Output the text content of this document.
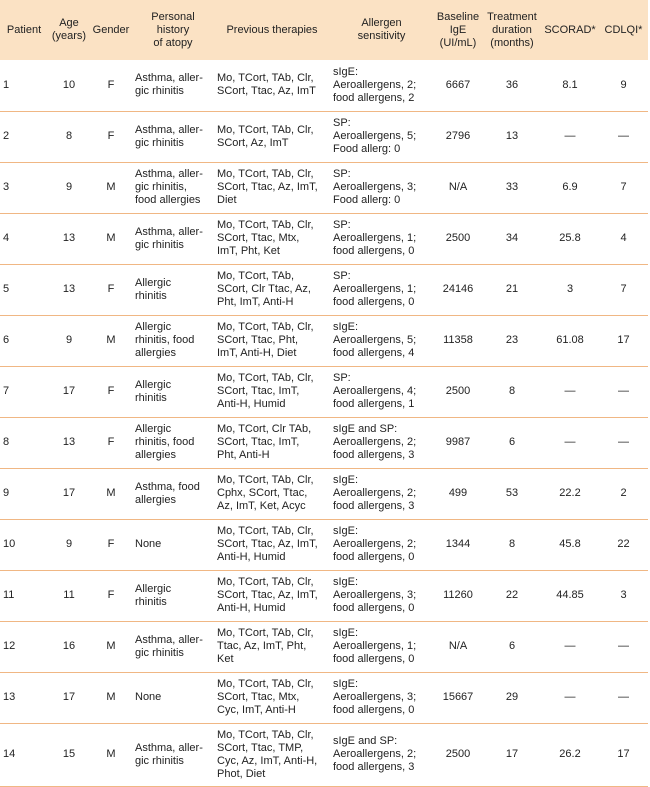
Patient	Age
(years)	Gender	Personal
history
of atopy	Previous therapies	Allergen
sensitivity	Baseline
IgE
(UI/mL)	Treatment
duration
(months)	SCORAD*	CDLQI*
1	10	F	Asthma, aller-
gic rhinitis	Mo, TCort, TAb, Clr,
SCort, Ttac, Az, ImT	sIgE:
Aeroallergens, 2;
food allergens, 2	6667	36	8.1	9
2	8	F	Asthma, aller-
gic rhinitis	Mo, TCort, TAb, Clr,
SCort, Az, ImT	SP:
Aeroallergens, 5;
Food allerg: 0	2796	13	—	—
3	9	M	Asthma, aller-
gic rhinitis,
food allergies	Mo, TCort, TAb, Clr,
SCort, Ttac, Az, ImT,
Diet	SP:
Aeroallergens, 3;
Food allerg: 0	N/A	33	6.9	7
4	13	M	Asthma, aller-
gic rhinitis	Mo, TCort, TAb, Clr,
SCort, Ttac, Mtx,
ImT, Pht, Ket	SP:
Aeroallergens, 1;
food allergens, 0	2500	34	25.8	4
5	13	F	Allergic
rhinitis	Mo, TCort, TAb,
SCort, Clr Ttac, Az,
Pht, ImT, Anti-H	SP:
Aeroallergens, 1;
food allergens, 0	24146	21	3	7
6	9	M	Allergic
rhinitis, food
allergies	Mo, TCort, TAb, Clr,
SCort, Ttac, Pht,
ImT, Anti-H, Diet	sIgE:
Aeroallergens, 5;
food allergens, 4	11358	23	61.08	17
7	17	F	Allergic
rhinitis	Mo, TCort, TAb, Clr,
SCort, Ttac, ImT,
Anti-H, Humid	SP:
Aeroallergens, 4;
food allergens, 1	2500	8	—	—
8	13	F	Allergic
rhinitis, food
allergies	Mo, TCort, Clr TAb,
SCort, Ttac, ImT,
Pht, Anti-H	sIgE and SP:
Aeroallergens, 2;
food allergens, 3	9987	6	—	—
9	17	M	Asthma, food
allergies	Mo, TCort, TAb, Clr,
Cphx, SCort, Ttac,
Az, ImT, Ket, Acyc	sIgE:
Aeroallergens, 2;
food allergens, 3	499	53	22.2	2
10	9	F	None	Mo, TCort, TAb, Clr,
SCort, Ttac, Az, ImT,
Anti-H, Humid	sIgE:
Aeroallergens, 2;
food allergens, 0	1344	8	45.8	22
11	11	F	Allergic
rhinitis	Mo, TCort, TAb, Clr,
SCort, Ttac, Az, ImT,
Anti-H, Humid	sIgE:
Aeroallergens, 3;
food allergens, 0	11260	22	44.85	3
12	16	M	Asthma, aller-
gic rhinitis	Mo, TCort, TAb, Clr,
Ttac, Az, ImT, Pht,
Ket	sIgE:
Aeroallergens, 1;
food allergens, 0	N/A	6	—	—
13	17	M	None	Mo, TCort, TAb, Clr,
SCort, Ttac, Mtx,
Cyc, ImT, Anti-H	sIgE:
Aeroallergens, 3;
food allergens, 0	15667	29	—	—
14	15	M	Asthma, aller-
gic rhinitis	Mo, TCort, TAb, Clr,
SCort, Ttac, TMP,
Cyc, Az, ImT, Anti-H,
Phot, Diet	sIgE and SP:
Aeroallergens, 2;
food allergens, 3	2500	17	26.2	17
